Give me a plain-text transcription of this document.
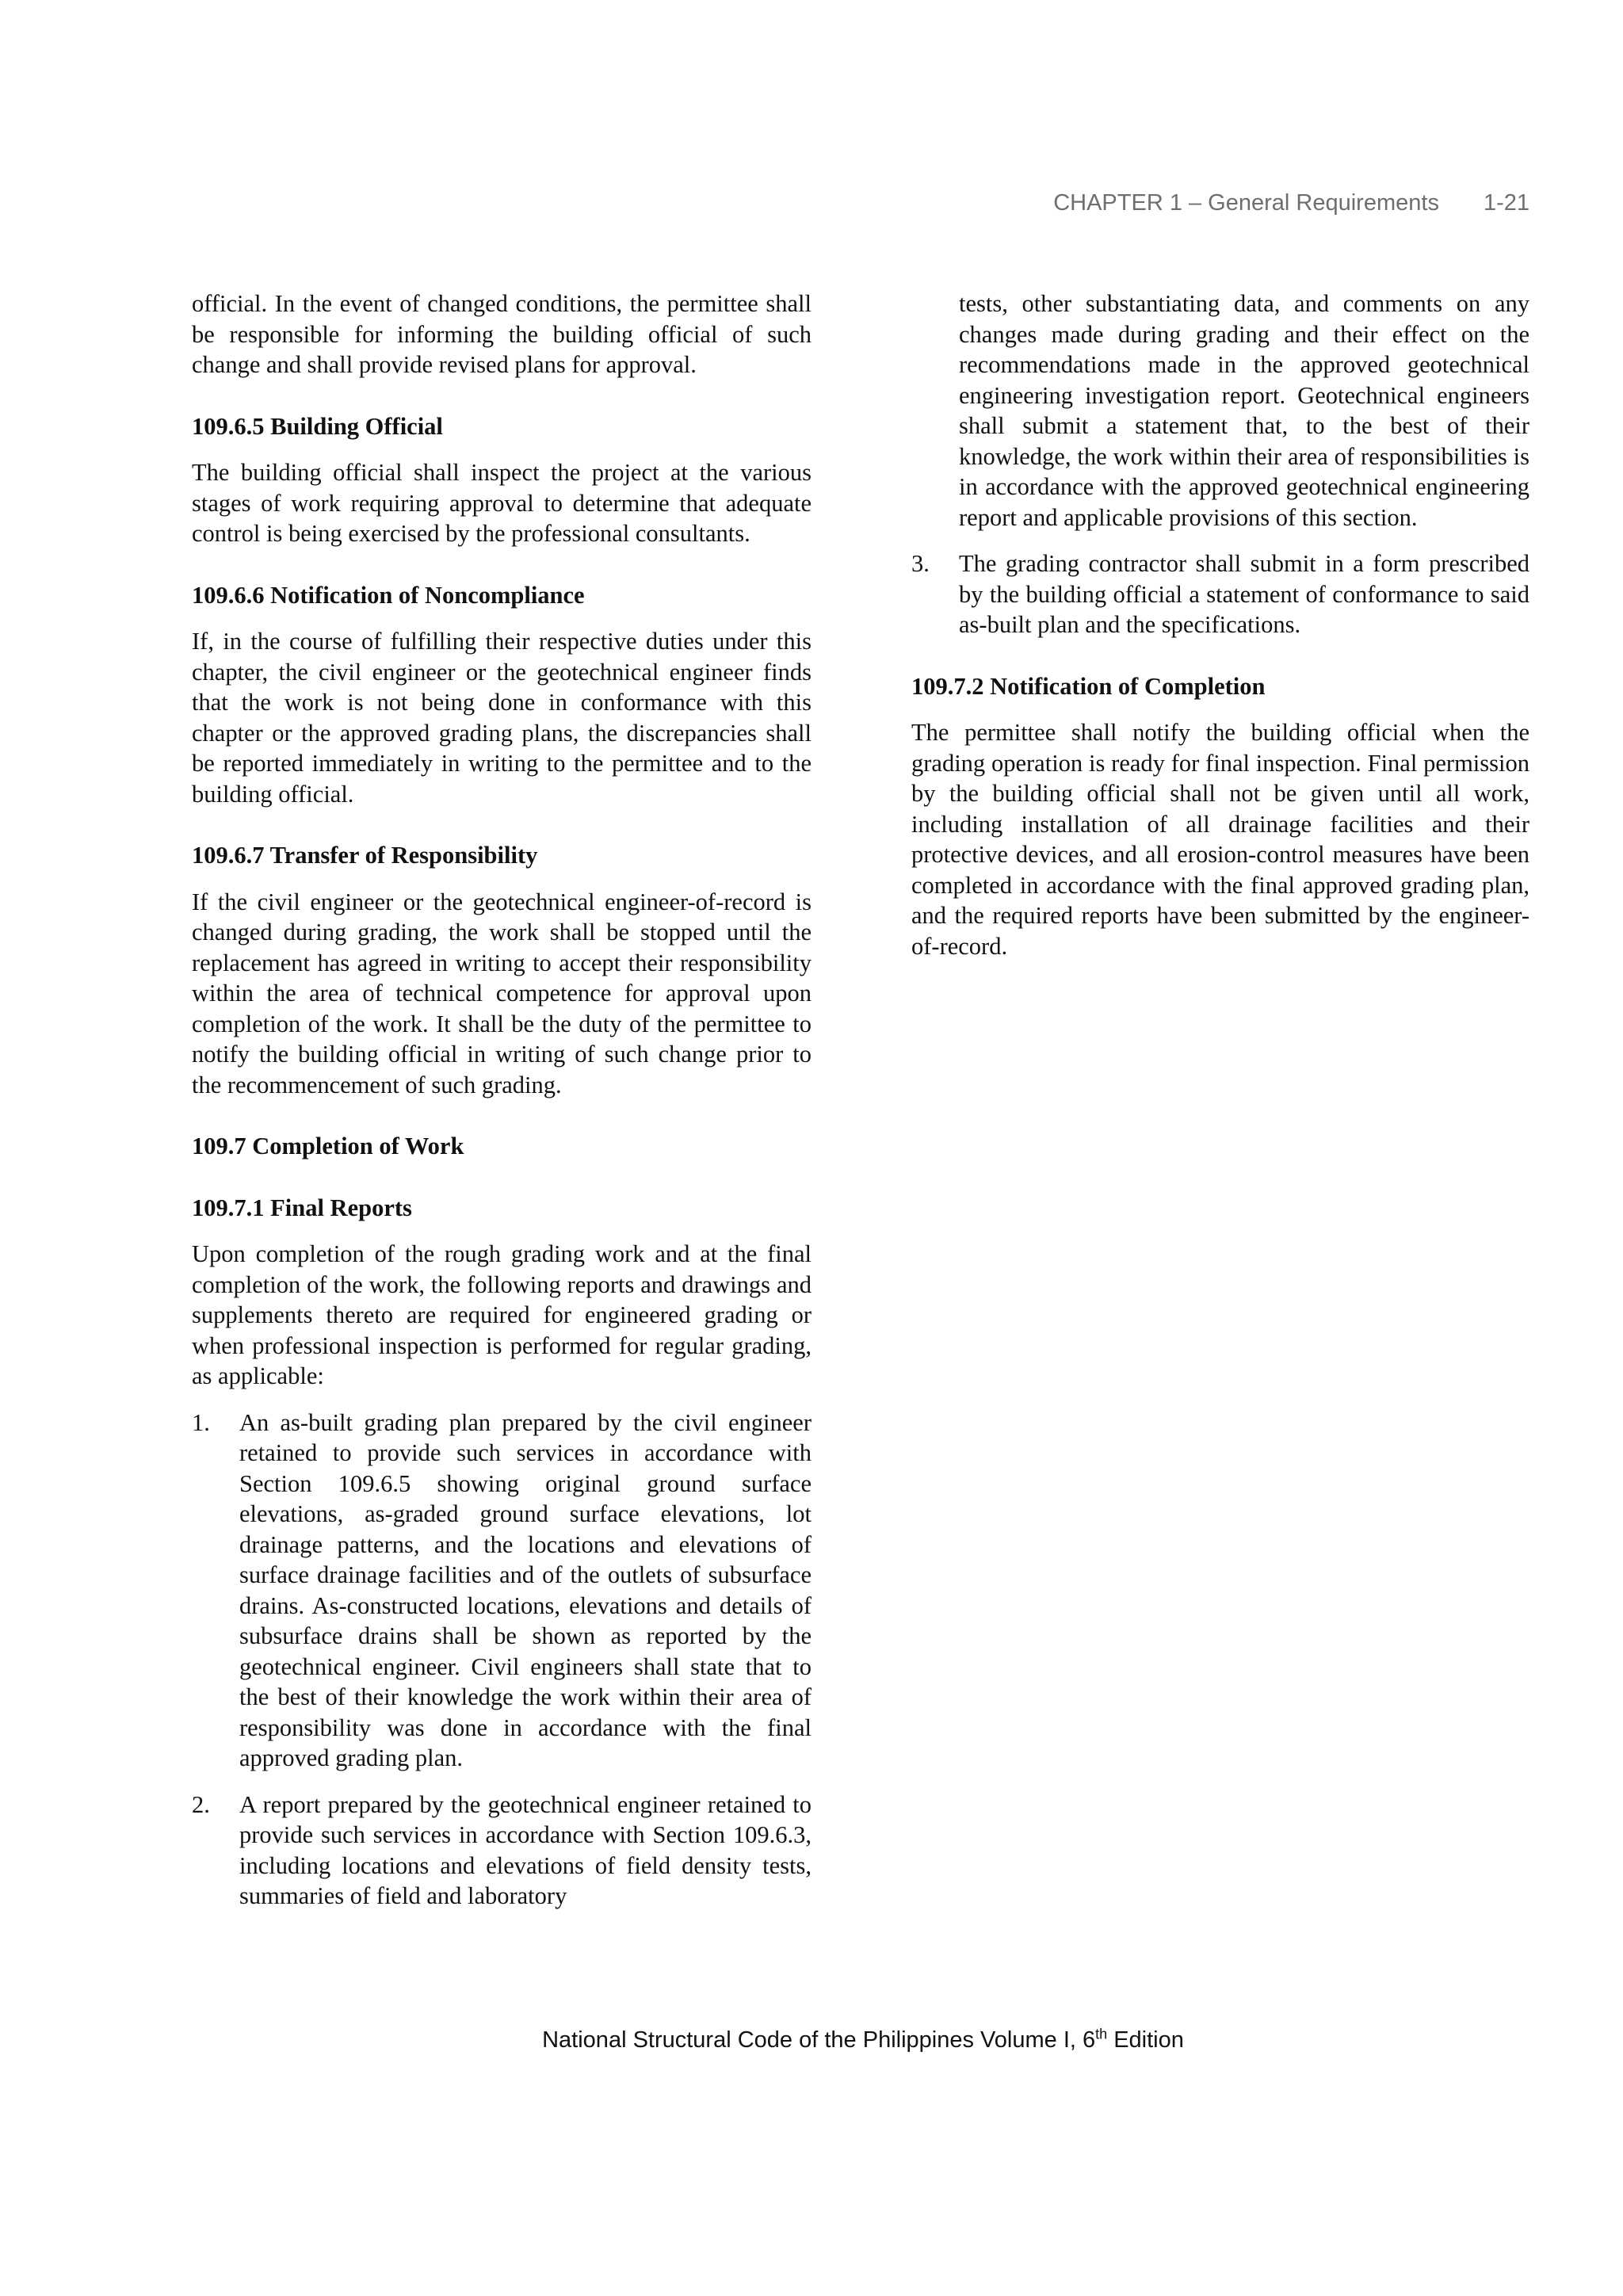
CHAPTER 1 – General Requirements 1-21

official. In the event of changed conditions, the permittee shall be responsible for informing the building official of such change and shall provide revised plans for approval.

109.6.5 Building Official

The building official shall inspect the project at the various stages of work requiring approval to determine that adequate control is being exercised by the professional consultants.

109.6.6 Notification of Noncompliance

If, in the course of fulfilling their respective duties under this chapter, the civil engineer or the geotechnical engineer finds that the work is not being done in conformance with this chapter or the approved grading plans, the discrepancies shall be reported immediately in writing to the permittee and to the building official.

109.6.7 Transfer of Responsibility

If the civil engineer or the geotechnical engineer-of-record is changed during grading, the work shall be stopped until the replacement has agreed in writing to accept their responsibility within the area of technical competence for approval upon completion of the work. It shall be the duty of the permittee to notify the building official in writing of such change prior to the recommencement of such grading.

109.7 Completion of Work

109.7.1 Final Reports

Upon completion of the rough grading work and at the final completion of the work, the following reports and drawings and supplements thereto are required for engineered grading or when professional inspection is performed for regular grading, as applicable:

1. An as-built grading plan prepared by the civil engineer retained to provide such services in accordance with Section 109.6.5 showing original ground surface elevations, as-graded ground surface elevations, lot drainage patterns, and the locations and elevations of surface drainage facilities and of the outlets of subsurface drains. As-constructed locations, elevations and details of subsurface drains shall be shown as reported by the geotechnical engineer. Civil engineers shall state that to the best of their knowledge the work within their area of responsibility was done in accordance with the final approved grading plan.
2. A report prepared by the geotechnical engineer retained to provide such services in accordance with Section 109.6.3, including locations and elevations of field density tests, summaries of field and laboratory

tests, other substantiating data, and comments on any changes made during grading and their effect on the recommendations made in the approved geotechnical engineering investigation report. Geotechnical engineers shall submit a statement that, to the best of their knowledge, the work within their area of responsibilities is in accordance with the approved geotechnical engineering report and applicable provisions of this section.

3. The grading contractor shall submit in a form prescribed by the building official a statement of conformance to said as-built plan and the specifications.

109.7.2 Notification of Completion

The permittee shall notify the building official when the grading operation is ready for final inspection. Final permission by the building official shall not be given until all work, including installation of all drainage facilities and their protective devices, and all erosion-control measures have been completed in accordance with the final approved grading plan, and the required reports have been submitted by the engineer-of-record.

National Structural Code of the Philippines Volume I, 6th Edition
